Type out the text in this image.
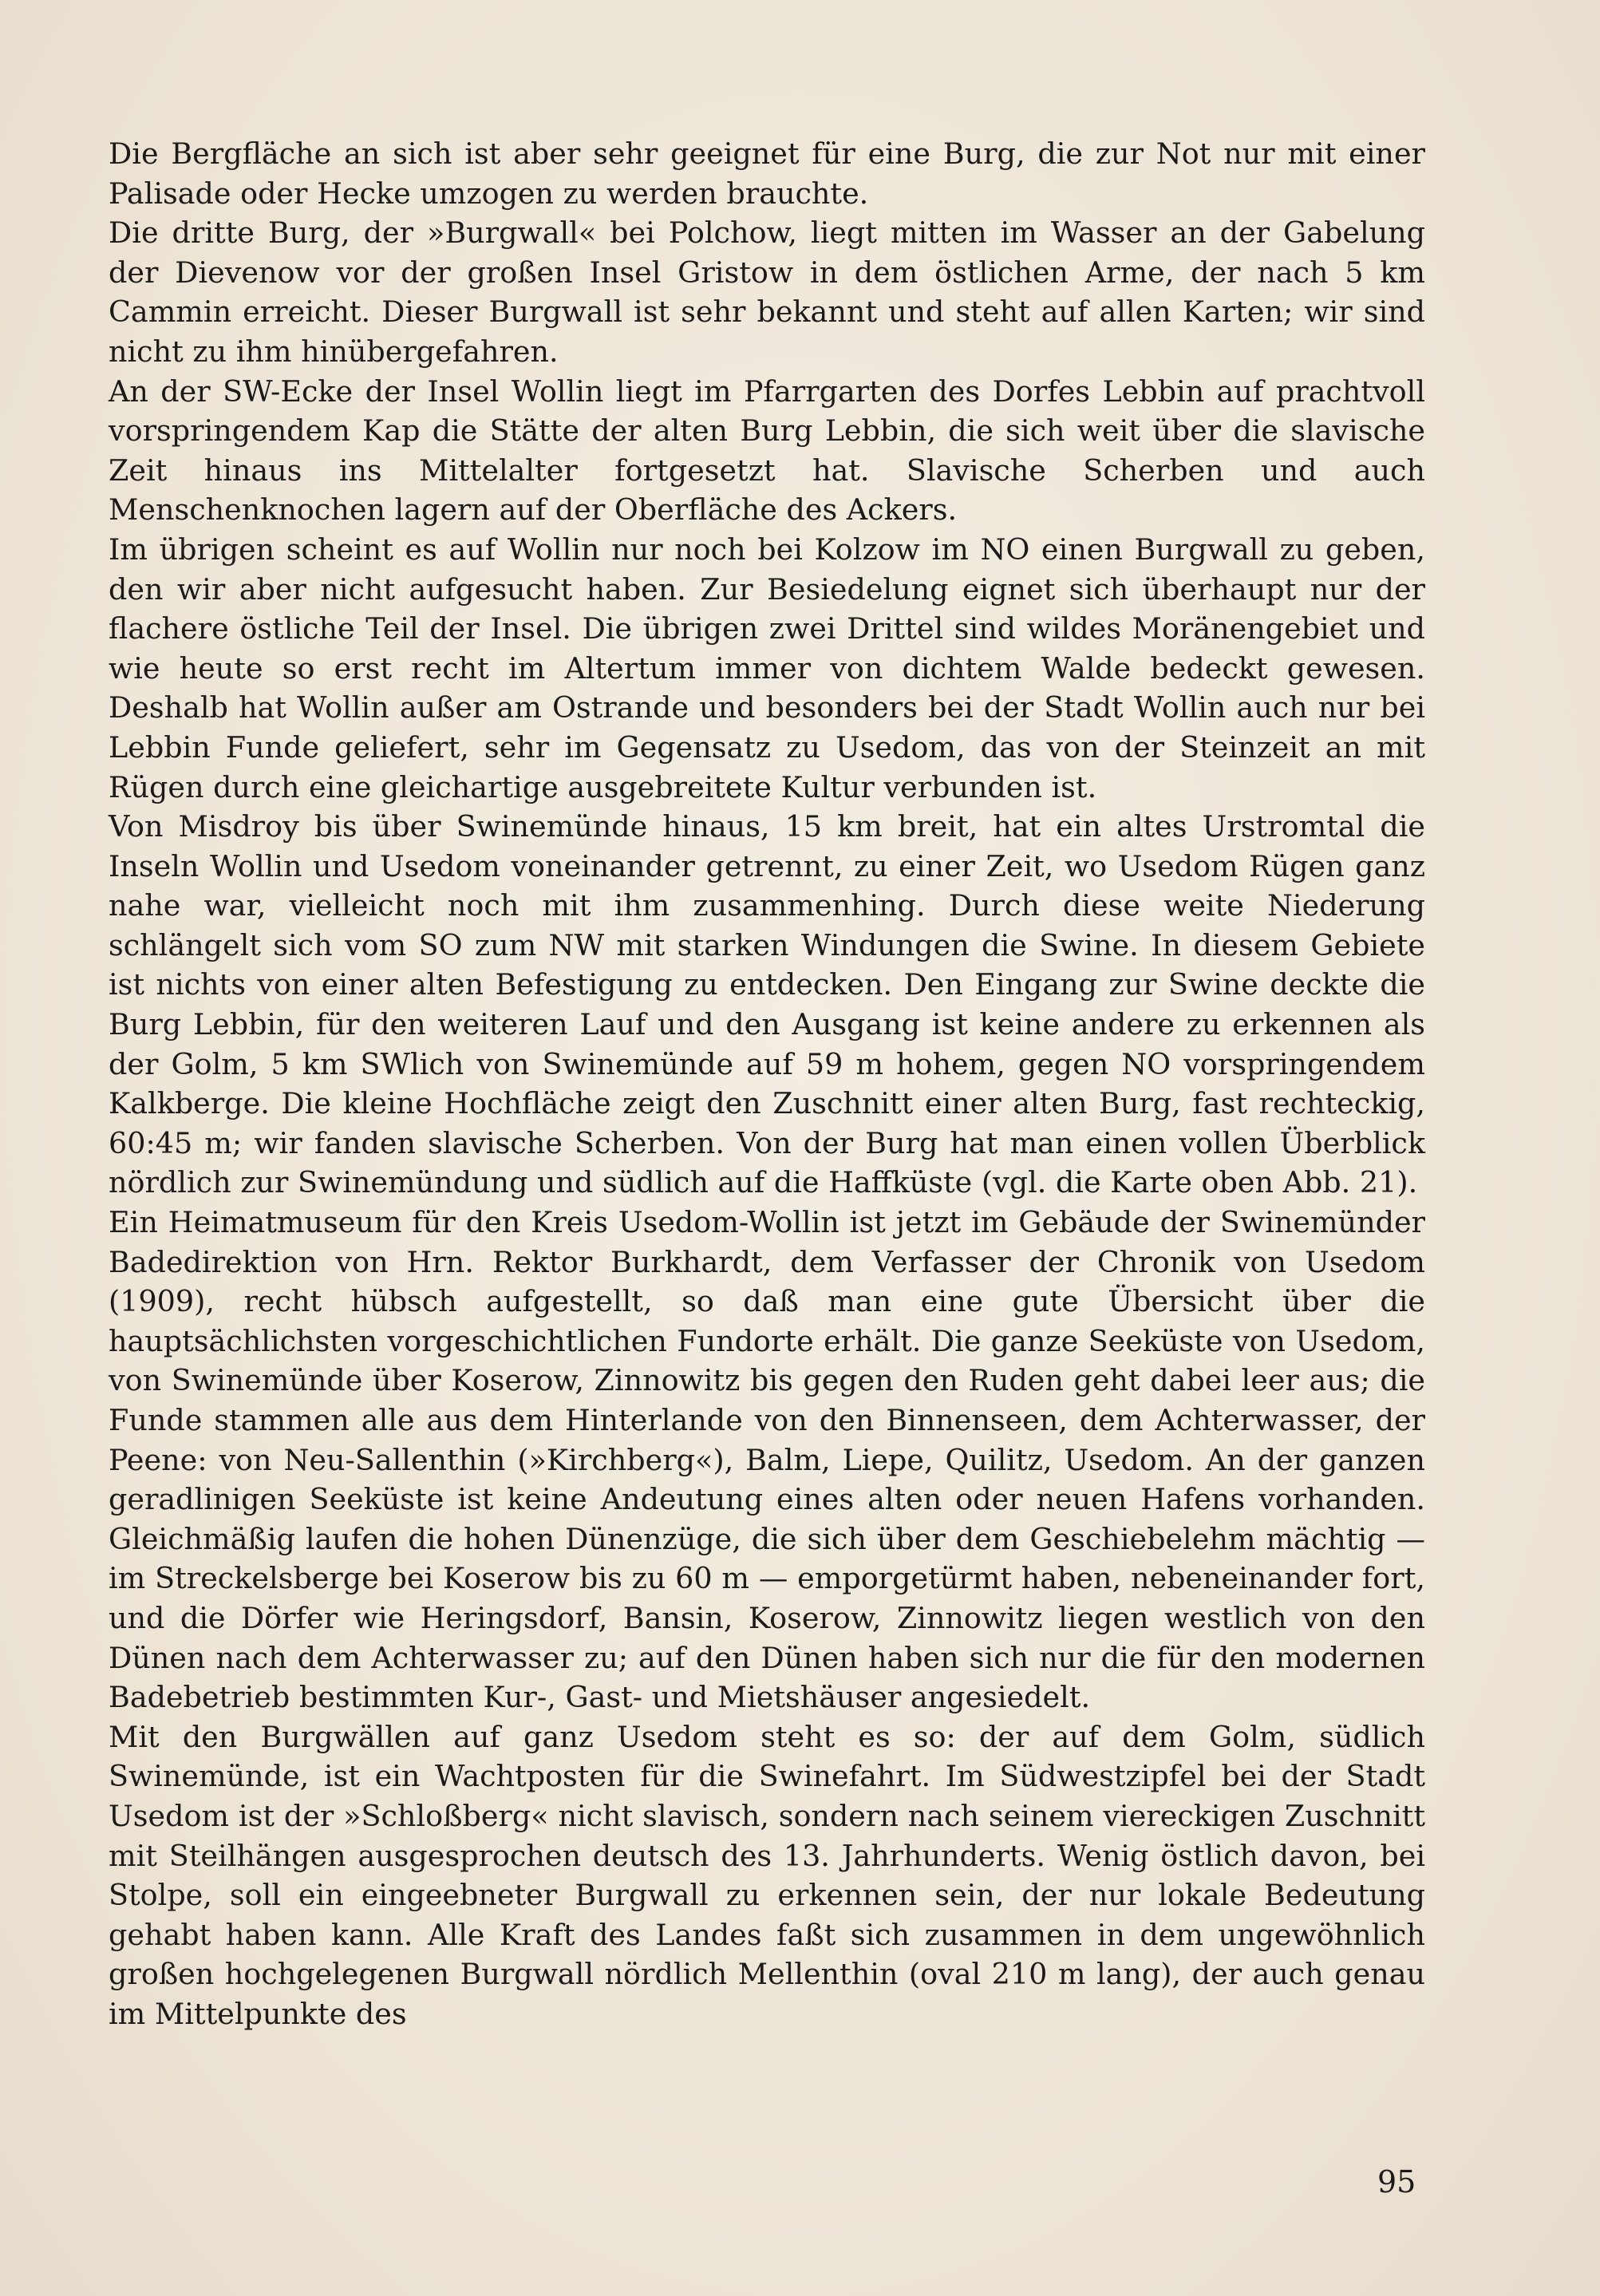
Die Bergfläche an sich ist aber sehr geeignet für eine Burg, die zur Not nur mit einer Palisade oder Hecke umzogen zu werden brauchte.

Die dritte Burg, der »Burgwall« bei Polchow, liegt mitten im Wasser an der Gabelung der Dievenow vor der großen Insel Gristow in dem östlichen Arme, der nach 5 km Cammin erreicht. Dieser Burgwall ist sehr bekannt und steht auf allen Karten; wir sind nicht zu ihm hinübergefahren.

An der SW-Ecke der Insel Wollin liegt im Pfarrgarten des Dorfes Lebbin auf prachtvoll vorspringendem Kap die Stätte der alten Burg Lebbin, die sich weit über die slavische Zeit hinaus ins Mittelalter fortgesetzt hat. Slavische Scherben und auch Menschenknochen lagern auf der Oberfläche des Ackers.

Im übrigen scheint es auf Wollin nur noch bei Kolzow im NO einen Burgwall zu geben, den wir aber nicht aufgesucht haben. Zur Besiedelung eignet sich überhaupt nur der flachere östliche Teil der Insel. Die übrigen zwei Drittel sind wildes Moränengebiet und wie heute so erst recht im Altertum immer von dichtem Walde bedeckt gewesen. Deshalb hat Wollin außer am Ostrande und besonders bei der Stadt Wollin auch nur bei Lebbin Funde geliefert, sehr im Gegensatz zu Usedom, das von der Steinzeit an mit Rügen durch eine gleichartige ausgebreitete Kultur verbunden ist.

Von Misdroy bis über Swinemünde hinaus, 15 km breit, hat ein altes Urstromtal die Inseln Wollin und Usedom voneinander getrennt, zu einer Zeit, wo Usedom Rügen ganz nahe war, vielleicht noch mit ihm zusammenhing. Durch diese weite Niederung schlängelt sich vom SO zum NW mit starken Windungen die Swine. In diesem Gebiete ist nichts von einer alten Befestigung zu entdecken. Den Eingang zur Swine deckte die Burg Lebbin, für den weiteren Lauf und den Ausgang ist keine andere zu erkennen als der Golm, 5 km SWlich von Swinemünde auf 59 m hohem, gegen NO vorspringendem Kalkberge. Die kleine Hochfläche zeigt den Zuschnitt einer alten Burg, fast rechteckig, 60:45 m; wir fanden slavische Scherben. Von der Burg hat man einen vollen Überblick nördlich zur Swinemündung und südlich auf die Haffküste (vgl. die Karte oben Abb. 21).

Ein Heimatmuseum für den Kreis Usedom-Wollin ist jetzt im Gebäude der Swinemünder Badedirektion von Hrn. Rektor Burkhardt, dem Verfasser der Chronik von Usedom (1909), recht hübsch aufgestellt, so daß man eine gute Übersicht über die hauptsächlichsten vorgeschichtlichen Fundorte erhält. Die ganze Seeküste von Usedom, von Swinemünde über Koserow, Zinnowitz bis gegen den Ruden geht dabei leer aus; die Funde stammen alle aus dem Hinterlande von den Binnenseen, dem Achterwasser, der Peene: von Neu-Sallenthin (»Kirchberg«), Balm, Liepe, Quilitz, Usedom. An der ganzen geradlinigen Seeküste ist keine Andeutung eines alten oder neuen Hafens vorhanden. Gleichmäßig laufen die hohen Dünenzüge, die sich über dem Geschiebelehm mächtig — im Streckelsberge bei Koserow bis zu 60 m — emporgetürmt haben, nebeneinander fort, und die Dörfer wie Heringsdorf, Bansin, Koserow, Zinnowitz liegen westlich von den Dünen nach dem Achterwasser zu; auf den Dünen haben sich nur die für den modernen Badebetrieb bestimmten Kur-, Gast- und Mietshäuser angesiedelt.

Mit den Burgwällen auf ganz Usedom steht es so: der auf dem Golm, südlich Swinemünde, ist ein Wachtposten für die Swinefahrt. Im Südwestzipfel bei der Stadt Usedom ist der »Schloßberg« nicht slavisch, sondern nach seinem viereckigen Zuschnitt mit Steilhängen ausgesprochen deutsch des 13. Jahrhunderts. Wenig östlich davon, bei Stolpe, soll ein eingeebneter Burgwall zu erkennen sein, der nur lokale Bedeutung gehabt haben kann. Alle Kraft des Landes faßt sich zusammen in dem ungewöhnlich großen hochgelegenen Burgwall nördlich Mellenthin (oval 210 m lang), der auch genau im Mittelpunkte des

95
